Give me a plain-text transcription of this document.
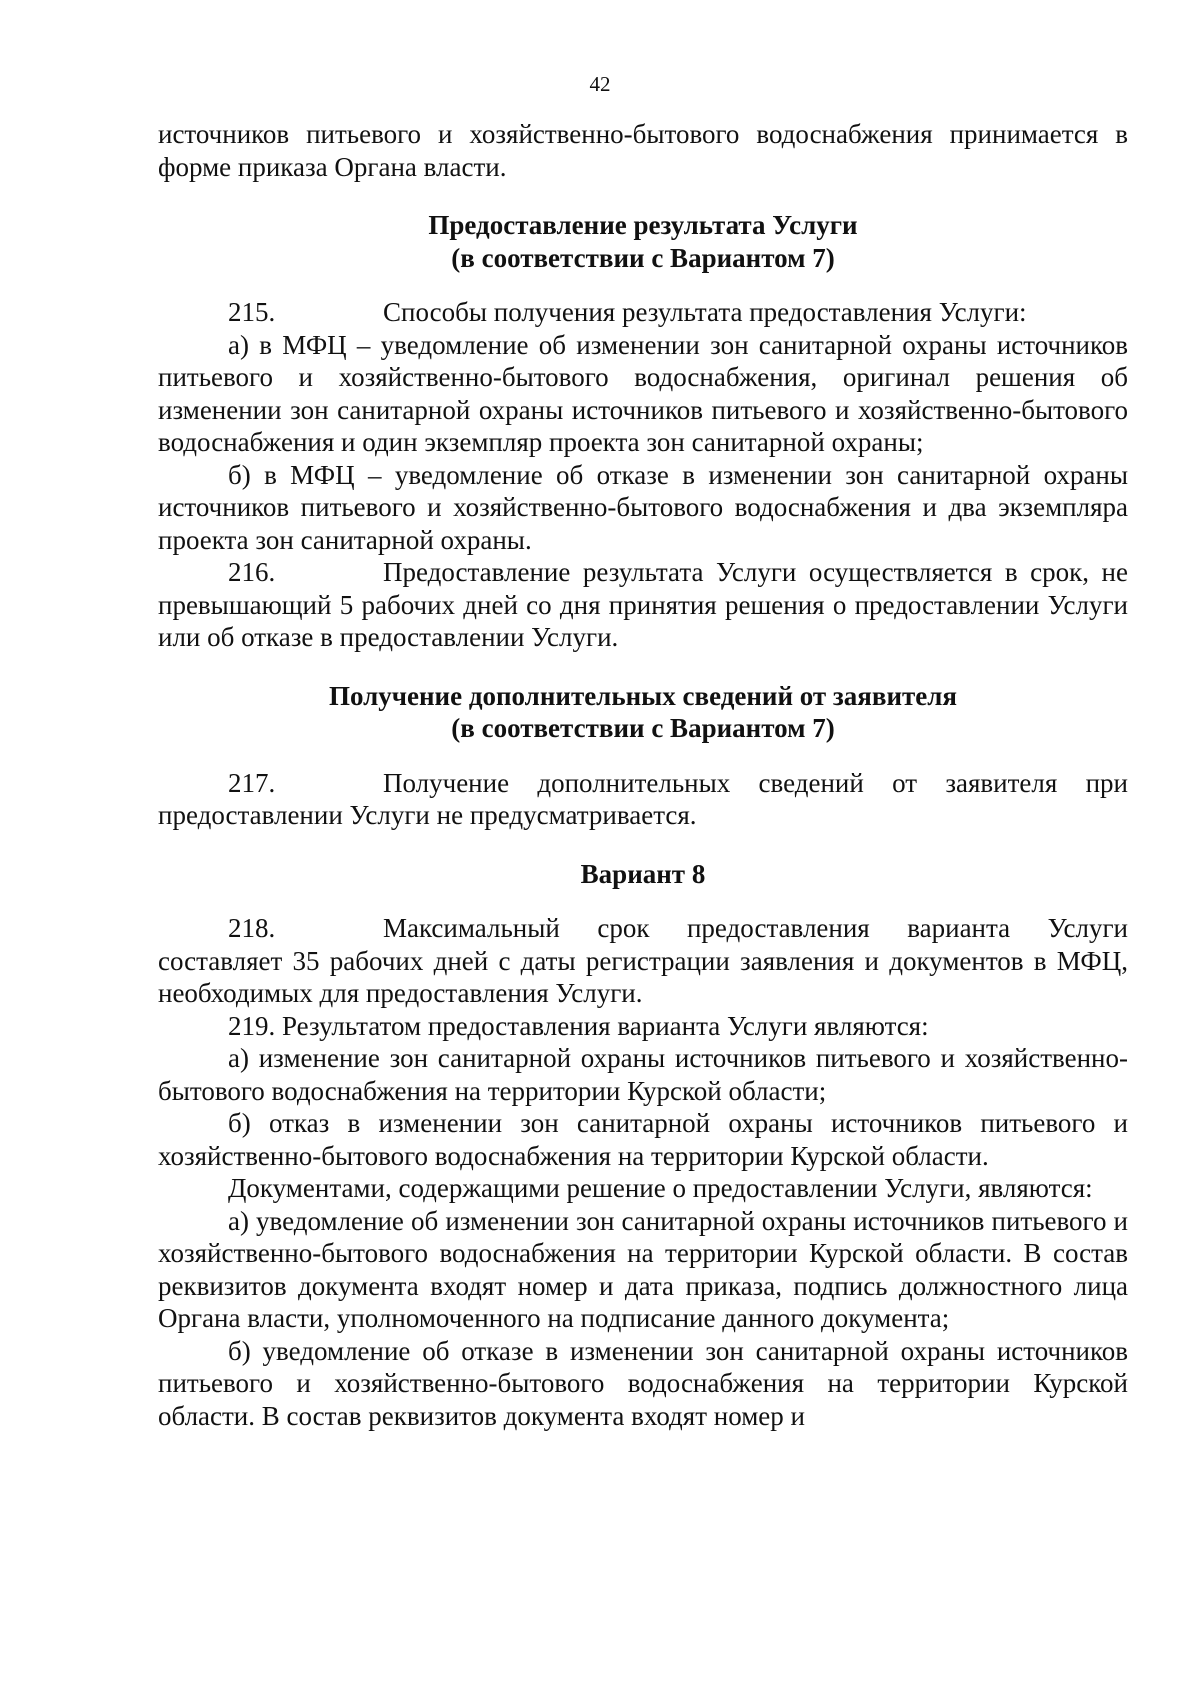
42

источников питьевого и хозяйственно-бытового водоснабжения принимается в форме приказа Органа власти.

Предоставление результата Услуги

(в соответствии с Вариантом 7)

215.	Способы получения результата предоставления Услуги:

а) в МФЦ – уведомление об изменении зон санитарной охраны источников питьевого и хозяйственно-бытового водоснабжения, оригинал решения об изменении зон санитарной охраны источников питьевого и хозяйственно-бытового водоснабжения и один экземпляр проекта зон санитарной охраны;

б) в МФЦ – уведомление об отказе в изменении зон санитарной охраны источников питьевого и хозяйственно-бытового водоснабжения и два экземпляра проекта зон санитарной охраны.

216.	Предоставление результата Услуги осуществляется в срок, не превышающий 5 рабочих дней со дня принятия решения о предоставлении Услуги или об отказе в предоставлении Услуги.

Получение дополнительных сведений от заявителя

(в соответствии с Вариантом 7)

217.	Получение дополнительных сведений от заявителя при предоставлении Услуги не предусматривается.

Вариант 8

218.	Максимальный срок предоставления варианта Услуги составляет 35 рабочих дней с даты регистрации заявления и документов в МФЦ, необходимых для предоставления Услуги.

219. Результатом предоставления варианта Услуги являются:

а) изменение зон санитарной охраны источников питьевого и хозяйственно-бытового водоснабжения на территории Курской области;

б) отказ в изменении зон санитарной охраны источников питьевого и хозяйственно-бытового водоснабжения на территории Курской области.

Документами, содержащими решение о предоставлении Услуги, являются:

а) уведомление об изменении зон санитарной охраны источников питьевого и хозяйственно-бытового водоснабжения на территории Курской области. В состав реквизитов документа входят номер и дата приказа, подпись должностного лица Органа власти, уполномоченного на подписание данного документа;

б) уведомление об отказе в изменении зон санитарной охраны источников питьевого и хозяйственно-бытового водоснабжения на территории Курской области. В состав реквизитов документа входят номер и
